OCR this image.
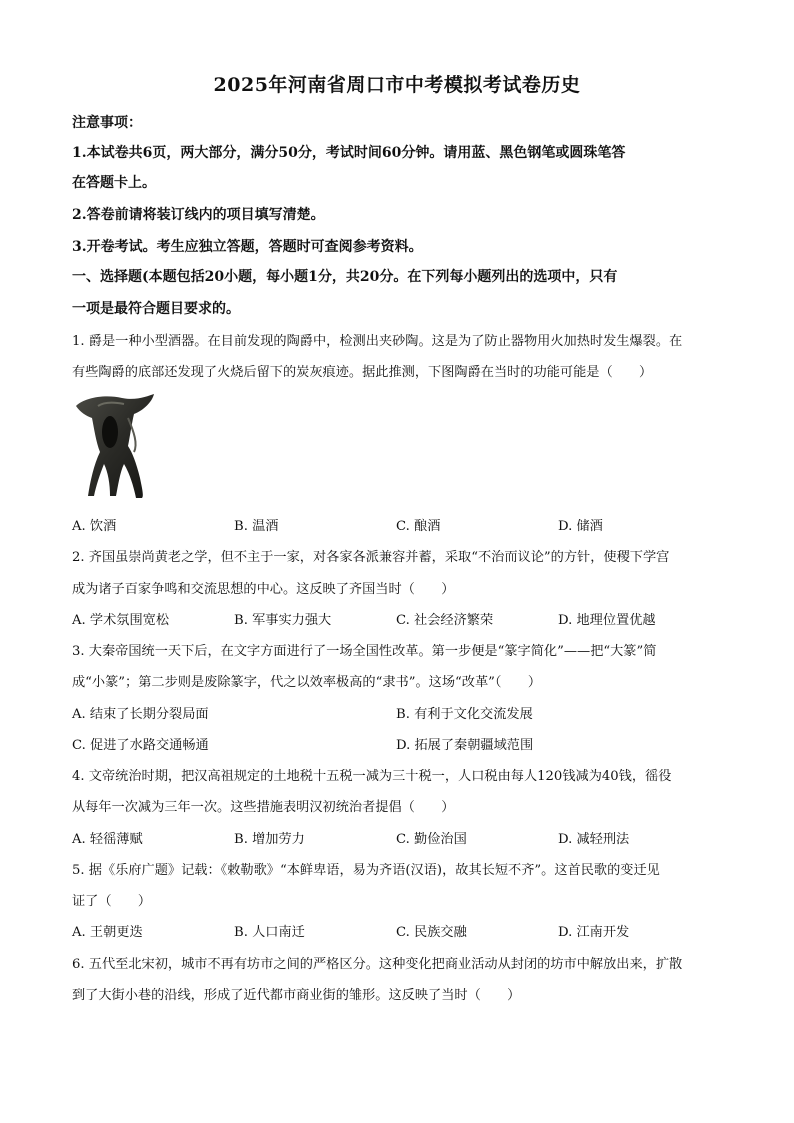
2025年河南省周口市中考模拟考试卷历史
注意事项：
1.本试卷共6页，两大部分，满分50分，考试时间60分钟。请用蓝、黑色钢笔或圆珠笔答
在答题卡上。
2.答卷前请将装订线内的项目填写清楚。
3.开卷考试。考生应独立答题，答题时可查阅参考资料。
一、选择题(本题包括20小题，每小题1分，共20分。在下列每小题列出的选项中，只有
一项是最符合题目要求的。
1. 爵是一种小型酒器。在目前发现的陶爵中，检测出夹砂陶。这是为了防止器物用火加热时发生爆裂。在
有些陶爵的底部还发现了火烧后留下的炭灰痕迹。据此推测，下图陶爵在当时的功能可能是（　　）
A. 饮酒	B. 温酒	C. 酿酒	D. 储酒
2. 齐国虽崇尚黄老之学，但不主于一家，对各家各派兼容并蓄，采取“不治而议论”的方针，使稷下学宫
成为诸子百家争鸣和交流思想的中心。这反映了齐国当时（　　）
A. 学术氛围宽松	B. 军事实力强大	C. 社会经济繁荣	D. 地理位置优越
3. 大秦帝国统一天下后，在文字方面进行了一场全国性改革。第一步便是“篆字简化”——把“大篆”简
成“小篆”；第二步则是废除篆字，代之以效率极高的“隶书”。这场“改革”（　　）
A. 结束了长期分裂局面	B. 有利于文化交流发展
C. 促进了水路交通畅通	D. 拓展了秦朝疆域范围
4. 文帝统治时期，把汉高祖规定的土地税十五税一减为三十税一，人口税由每人120钱减为40钱，徭役
从每年一次减为三年一次。这些措施表明汉初统治者提倡（　　）
A. 轻徭薄赋	B. 增加劳力	C. 勤俭治国	D. 减轻刑法
5. 据《乐府广题》记载：《敕勒歌》“本鲜卑语，易为齐语(汉语)，故其长短不齐”。这首民歌的变迁见
证了（　　）
A. 王朝更迭	B. 人口南迁	C. 民族交融	D. 江南开发
6. 五代至北宋初，城市不再有坊市之间的严格区分。这种变化把商业活动从封闭的坊市中解放出来，扩散
到了大街小巷的沿线，形成了近代都市商业街的雏形。这反映了当时（　　）
